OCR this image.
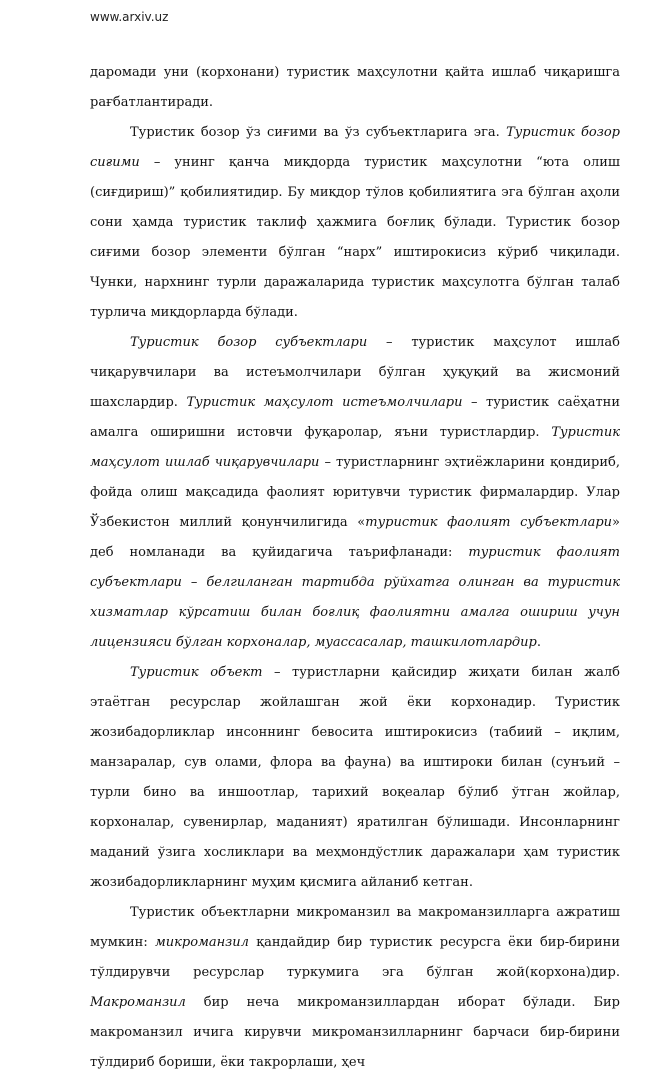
www.arxiv.uz

даромади уни (корхонани) туристик маҳсулотни қайта ишлаб чиқаришга рағбатлантиради.

Туристик бозор ўз сиғими ва ўз субъектларига эга. Туристик бозор сиғими – унинг қанча миқдорда туристик маҳсулотни “юта олиш (сиғдириш)” қобилиятидир. Бу миқдор тўлов қобилиятига эга бўлган аҳоли сони ҳамда туристик таклиф ҳажмига боғлиқ бўлади. Туристик бозор сиғими бозор элементи бўлган “нарх” иштирокисиз кўриб чиқилади. Чунки, нархнинг турли даражаларида туристик маҳсулотга бўлган талаб турлича миқдорларда бўлади.

Туристик бозор субъектлари – туристик маҳсулот ишлаб чиқарувчилари ва истеъмолчилари бўлган ҳуқуқий ва жисмоний шахслардир. Туристик маҳсулот истеъмолчилари – туристик саёҳатни амалга оширишни истовчи фуқаролар, яъни туристлардир. Туристик маҳсулот ишлаб чиқарувчилари – туристларнинг эҳтиёжларини қондириб, фойда олиш мақсадида фаолият юритувчи туристик фирмалардир. Улар Ўзбекистон миллий қонунчилигида «туристик фаолият субъектлари» деб номланади ва қуйидагича таърифланади: туристик фаолият субъектлари – белгиланган тартибда рўйхатга олинган ва туристик хизматлар кўрсатиш билан боғлиқ фаолиятни амалга ошириш учун лицензияси бўлган корхоналар, муассасалар, ташкилотлардир.

Туристик объект – туристларни қайсидир жиҳати билан жалб этаётган ресурслар жойлашган жой ёки корхонадир. Туристик жозибадорликлар инсоннинг бевосита иштирокисиз (табиий – иқлим, манзаралар, сув олами, флора ва фауна) ва иштироки билан (сунъий – турли бино ва иншоотлар, тарихий воқеалар бўлиб ўтган жойлар, корхоналар, сувенирлар, маданият) яратилган бўлишади. Инсонларнинг маданий ўзига хосликлари ва меҳмондўстлик даражалари ҳам туристик жозибадорликларнинг муҳим қисмига айланиб кетган.

Туристик объектларни микроманзил ва макроманзилларга ажратиш мумкин: микроманзил қандайдир бир туристик ресурсга ёки бир-бирини тўлдирувчи ресурслар туркумига эга бўлган жой(корхона)дир. Макроманзил бир неча микроманзиллардан иборат бўлади. Бир макроманзил ичига кирувчи микроманзилларнинг барчаси бир-бирини тўлдириб бориши, ёки такрорлаши, ҳеч
